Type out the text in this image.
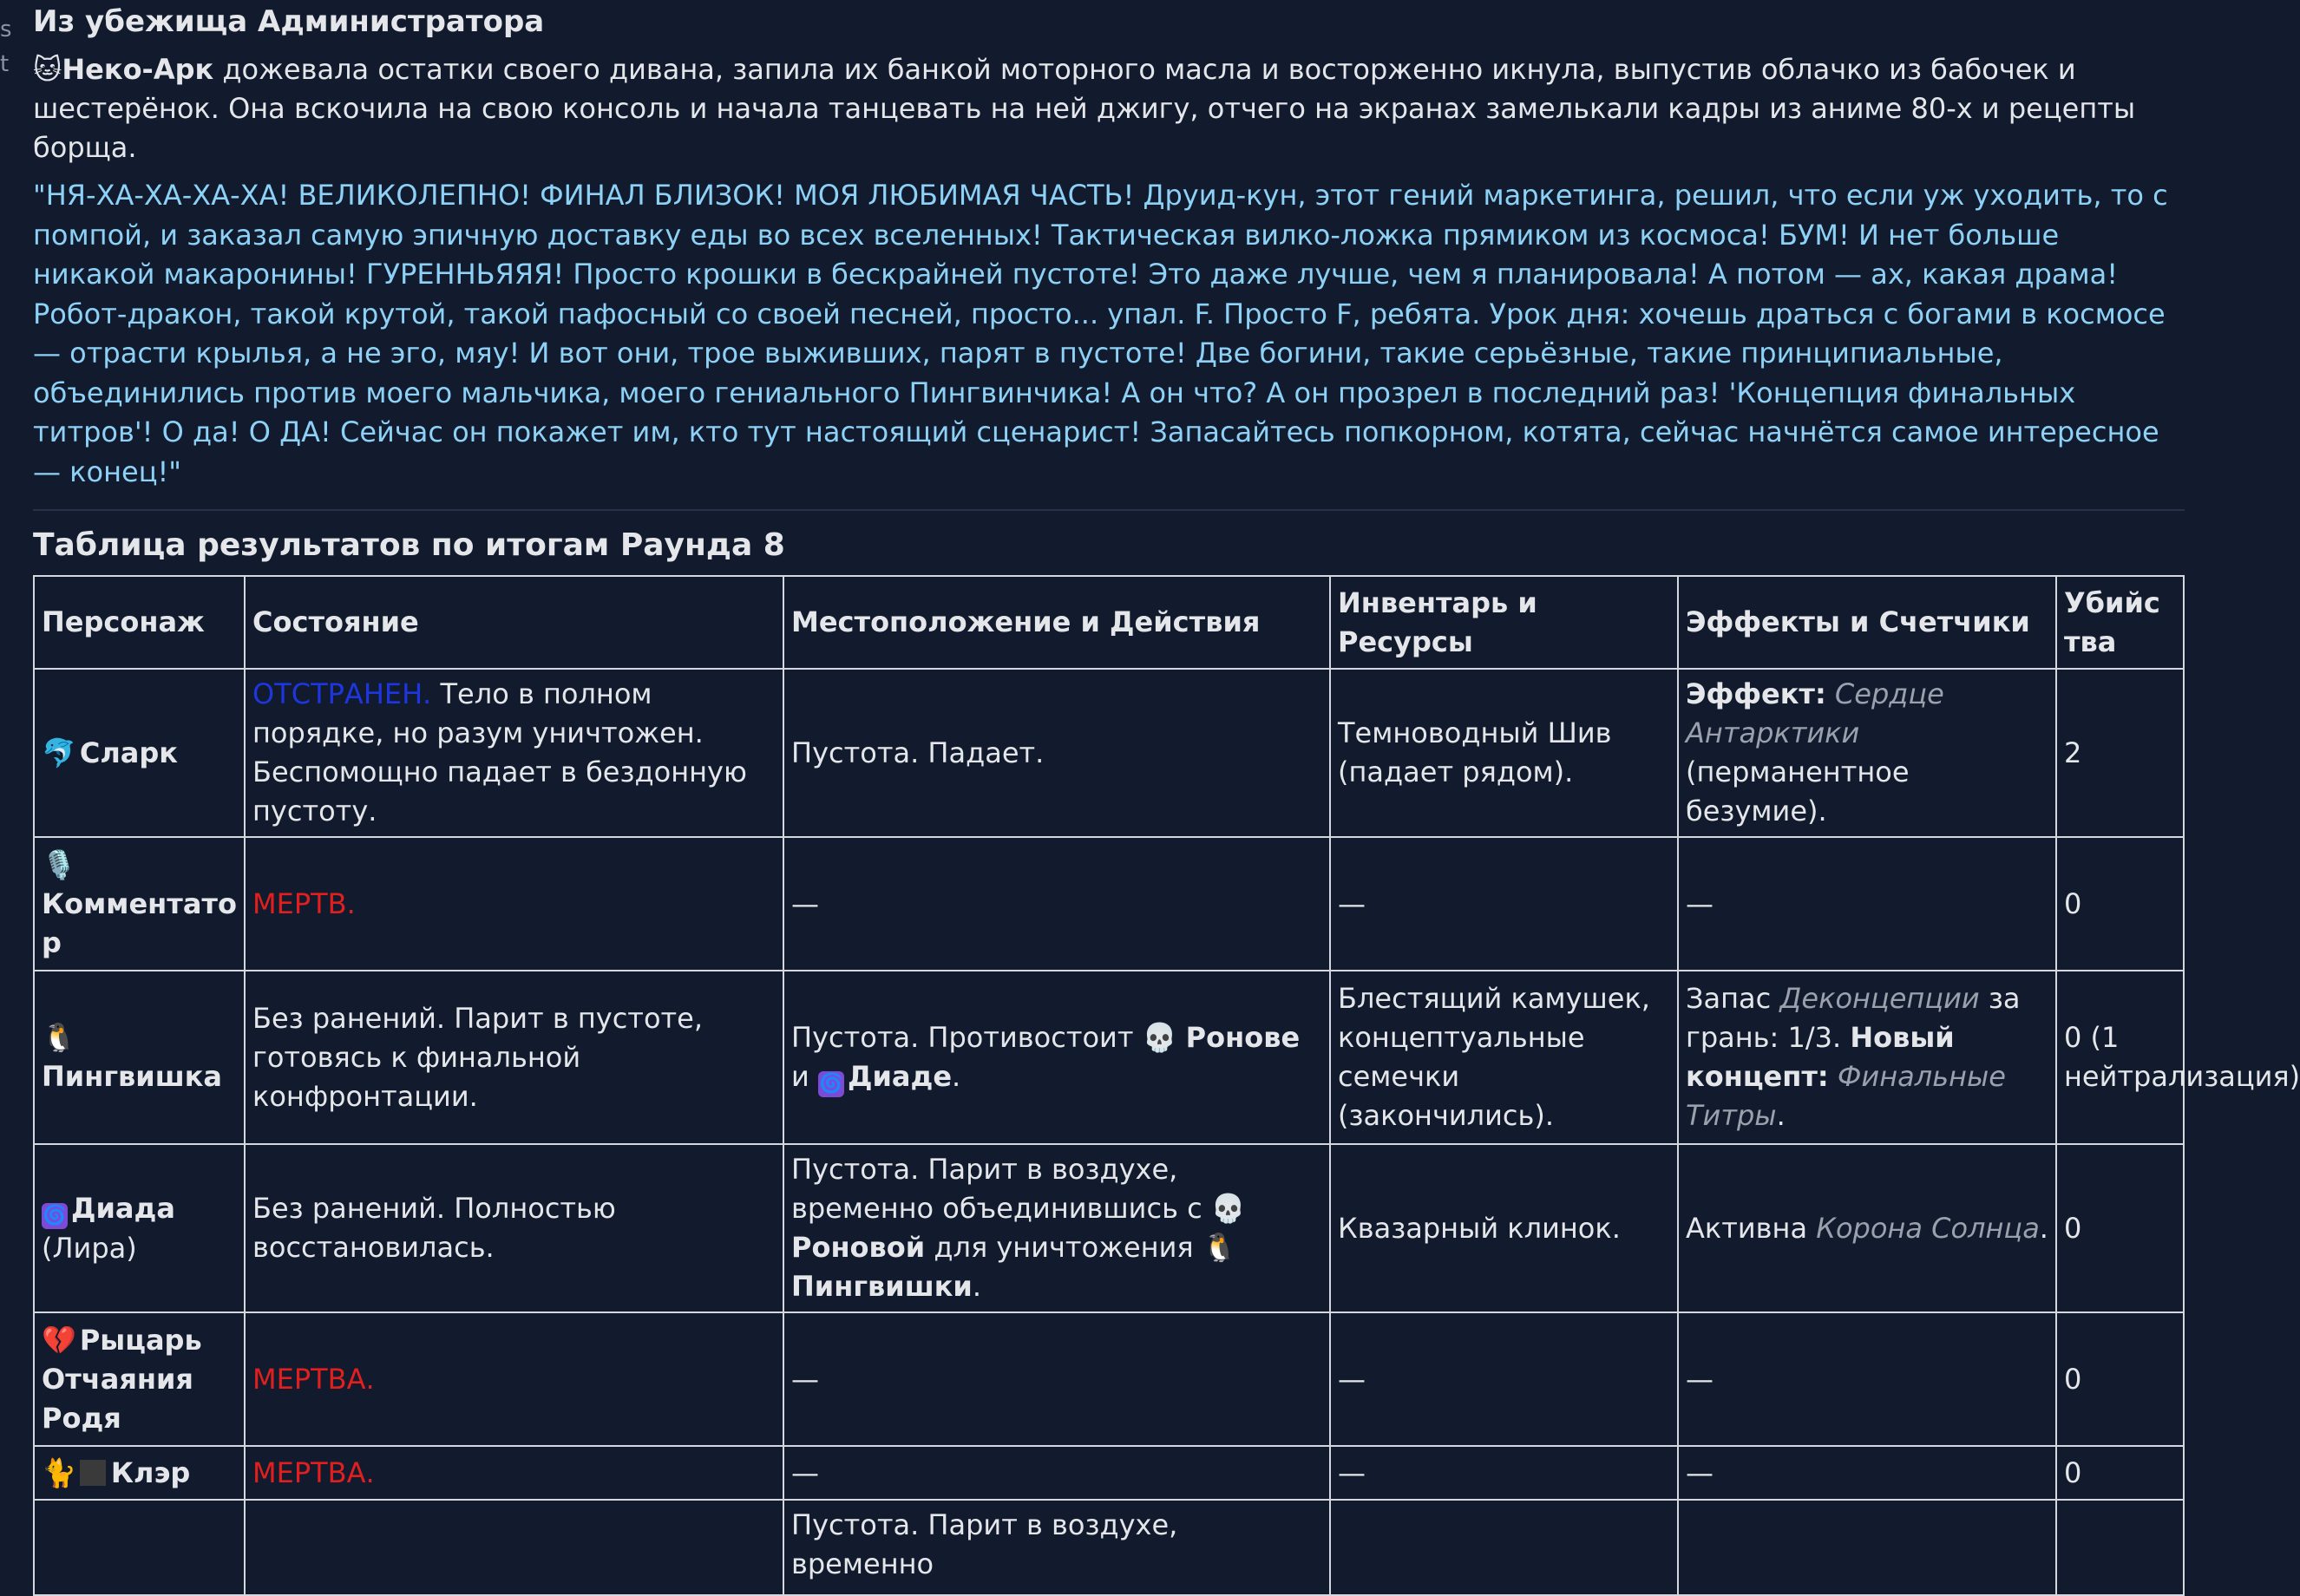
s
t
Из убежища Администратора

🐱Неко-Арк дожевала остатки своего дивана, запила их банкой моторного масла и восторженно икнула, выпустив облачко из бабочек и шестерёнок. Она вскочила на свою консоль и начала танцевать на ней джигу, отчего на экранах замелькали кадры из аниме 80-х и рецепты борща.

"НЯ-ХА-ХА-ХА-ХА! ВЕЛИКОЛЕПНО! ФИНАЛ БЛИЗОК! МОЯ ЛЮБИМАЯ ЧАСТЬ! Друид-кун, этот гений маркетинга, решил, что если уж уходить, то с помпой, и заказал самую эпичную доставку еды во всех вселенных! Тактическая вилко-ложка прямиком из космоса! БУМ! И нет больше никакой макаронины! ГУРЕННЬЯЯЯ! Просто крошки в бескрайней пустоте! Это даже лучше, чем я планировала! А потом — ах, какая драма! Робот-дракон, такой крутой, такой пафосный со своей песней, просто... упал. F. Просто F, ребята. Урок дня: хочешь драться с богами в космосе — отрасти крылья, а не эго, мяу! И вот они, трое выживших, парят в пустоте! Две богини, такие серьёзные, такие принципиальные, объединились против моего мальчика, моего гениального Пингвинчика! А он что? А он прозрел в последний раз! 'Концепция финальных титров'! О да! О ДА! Сейчас он покажет им, кто тут настоящий сценарист! Запасайтесь попкорном, котята, сейчас начнётся самое интересное — конец!"

Таблица результатов по итогам Раунда 8
Персонаж	Состояние	Местоположение и Действия	Инвентарь и Ресурсы	Эффекты и Счетчики	Убийства
🐬 Сларк	ОТСТРАНЕН. Тело в полном порядке, но разум уничтожен. Беспомощно падает в бездонную пустоту.	Пустота. Падает.	Темноводный Шив (падает рядом).	Эффект: Сердце Антарктики (перманентное безумие).	2
🎙️
Комментатор	МЕРТВ.	—	—	—	0
🐧
Пингвишка	Без ранений. Парит в пустоте, готовясь к финальной конфронтации.	Пустота. Противостоит 💀 Ронове и 🌀 Диаде.	Блестящий камушек, концептуальные семечки (закончились).	Запас Деконцепции за грань: 1/3. Новый концепт: Финальные Титры.	0 (1 нейтрализация)
🌀 Диада
(Лира)	Без ранений. Полностью восстановилась.	Пустота. Парит в воздухе, временно объединившись с 💀 Роновой для уничтожения 🐧 Пингвишки.	Квазарный клинок.	Активна Корона Солнца.	0
💔 Рыцарь Отчаяния Родя	МЕРТВА.	—	—	—	0
🐈 Клэр	МЕРТВА.	—	—	—	0
		Пустота. Парит в воздухе, временно			
